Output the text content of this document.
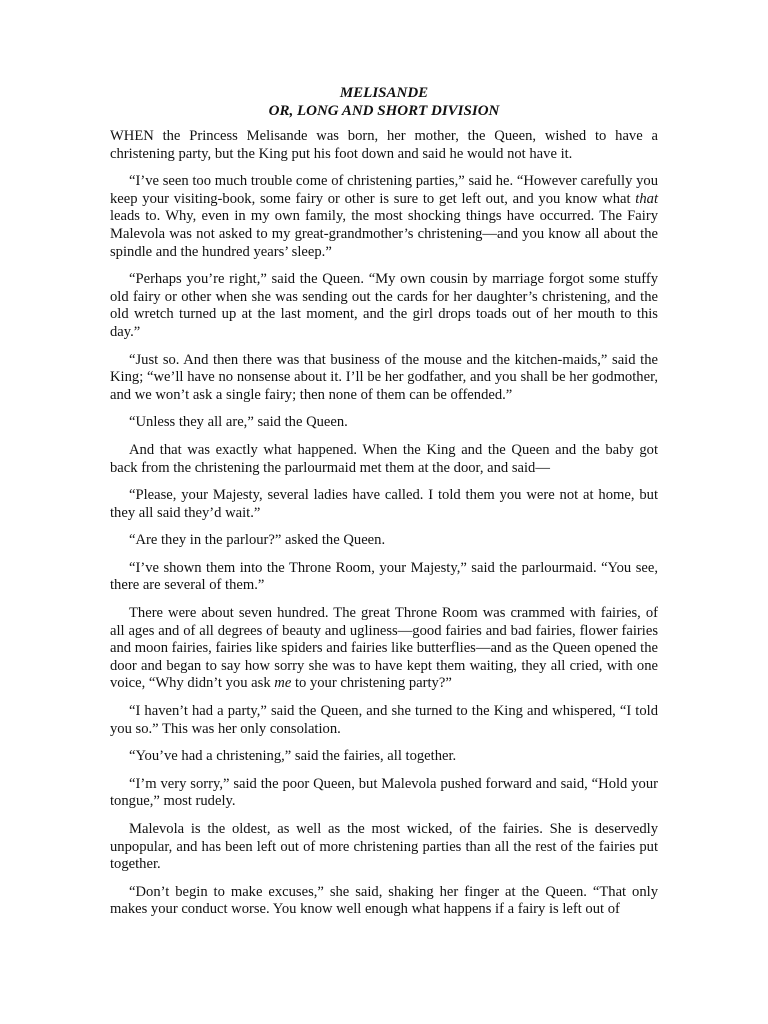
MELISANDE

OR, LONG AND SHORT DIVISION

WHEN the Princess Melisande was born, her mother, the Queen, wished to have a christening party, but the King put his foot down and said he would not have it.

“I’ve seen too much trouble come of christening parties,” said he. “However carefully you keep your visiting-book, some fairy or other is sure to get left out, and you know what that leads to. Why, even in my own family, the most shocking things have occurred. The Fairy Malevola was not asked to my great-grandmother’s christening—and you know all about the spindle and the hundred years’ sleep.”

“Perhaps you’re right,” said the Queen. “My own cousin by marriage forgot some stuffy old fairy or other when she was sending out the cards for her daughter’s christening, and the old wretch turned up at the last moment, and the girl drops toads out of her mouth to this day.”

“Just so. And then there was that business of the mouse and the kitchen-maids,” said the King; “we’ll have no nonsense about it. I’ll be her godfather, and you shall be her godmother, and we won’t ask a single fairy; then none of them can be offended.”

“Unless they all are,” said the Queen.

And that was exactly what happened. When the King and the Queen and the baby got back from the christening the parlourmaid met them at the door, and said—

“Please, your Majesty, several ladies have called. I told them you were not at home, but they all said they’d wait.”

“Are they in the parlour?” asked the Queen.

“I’ve shown them into the Throne Room, your Majesty,” said the parlourmaid. “You see, there are several of them.”

There were about seven hundred. The great Throne Room was crammed with fairies, of all ages and of all degrees of beauty and ugliness—good fairies and bad fairies, flower fairies and moon fairies, fairies like spiders and fairies like butterflies—and as the Queen opened the door and began to say how sorry she was to have kept them waiting, they all cried, with one voice, “Why didn’t you ask me to your christening party?”

“I haven’t had a party,” said the Queen, and she turned to the King and whispered, “I told you so.” This was her only consolation.

“You’ve had a christening,” said the fairies, all together.

“I’m very sorry,” said the poor Queen, but Malevola pushed forward and said, “Hold your tongue,” most rudely.

Malevola is the oldest, as well as the most wicked, of the fairies. She is deservedly unpopular, and has been left out of more christening parties than all the rest of the fairies put together.

“Don’t begin to make excuses,” she said, shaking her finger at the Queen. “That only makes your conduct worse. You know well enough what happens if a fairy is left out of
